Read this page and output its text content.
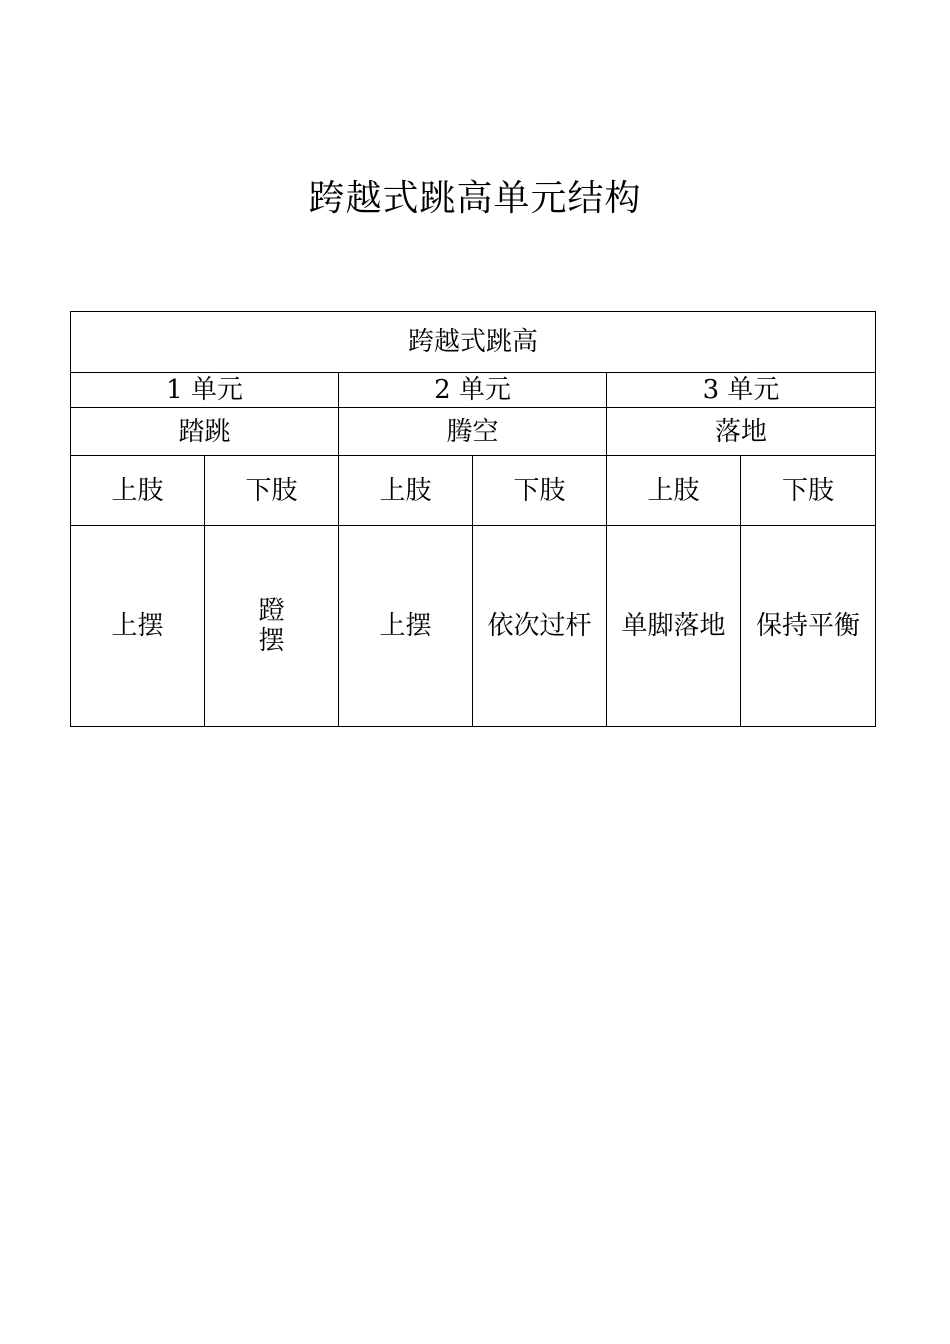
跨越式跳高单元结构
跨越式跳高					
1 单元		2 单元		3 单元	
踏跳		腾空		落地	
上肢	下肢	上肢	下肢	上肢	下肢
上摆	蹬摆	上摆	依次过杆	单脚落地	保持平衡
